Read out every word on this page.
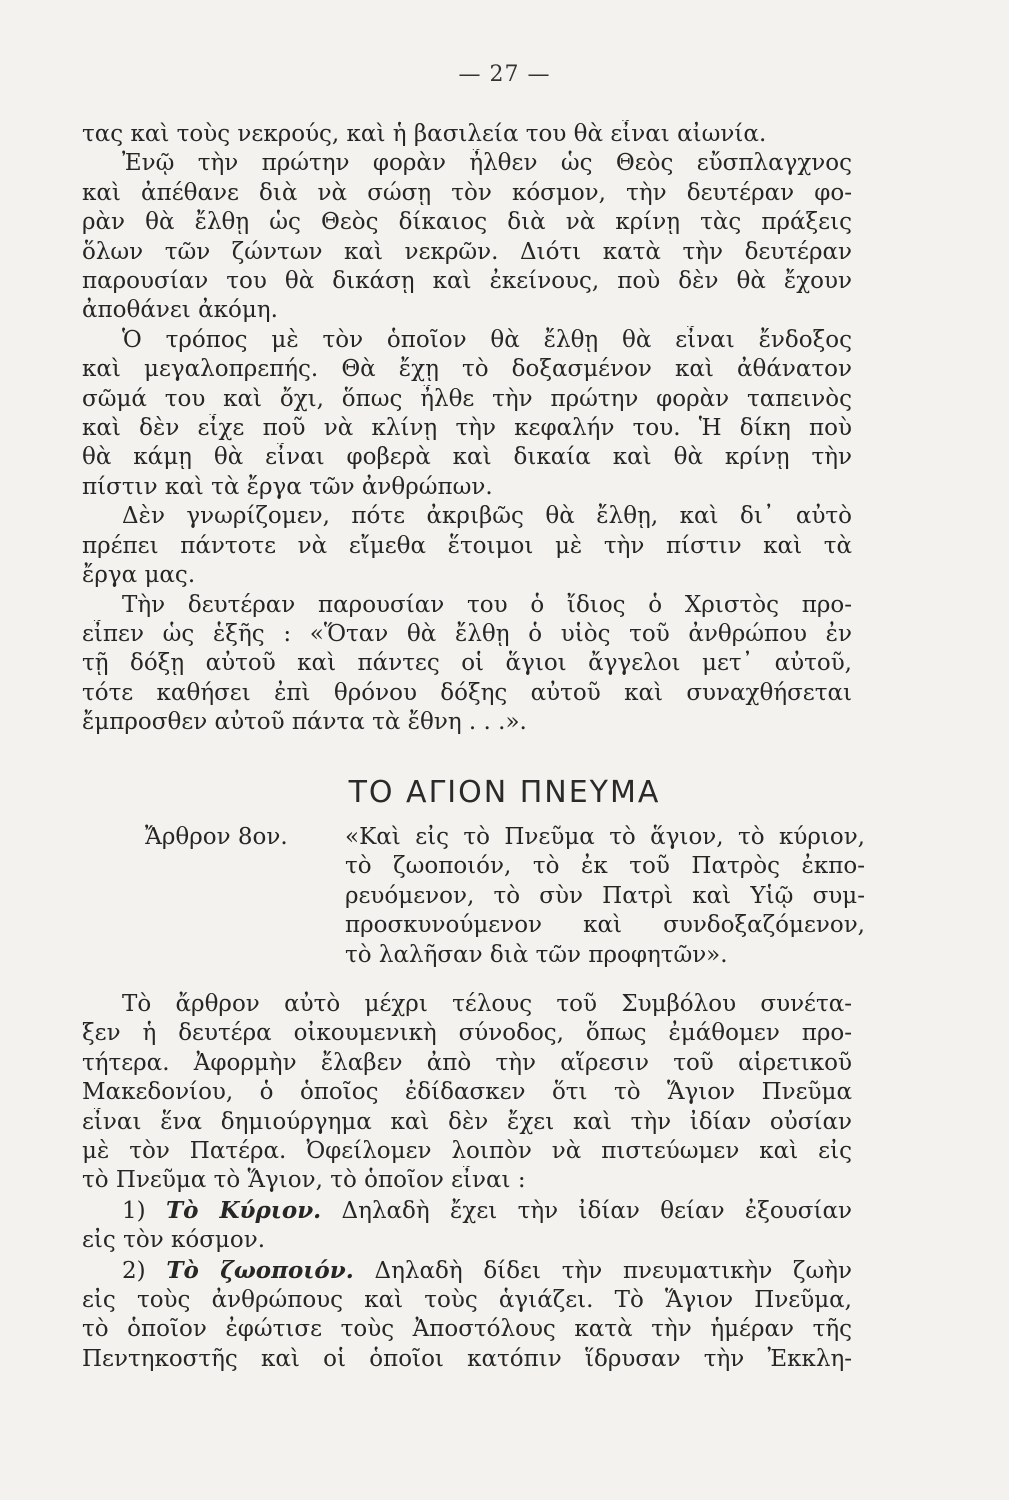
— 27 —
τας καὶ τοὺς νεκρούς, καὶ ἡ βασιλεία του θὰ εἶναι αἰωνία.
Ἐνῷ τὴν πρώτην φορὰν ἦλθεν ὡς Θεὸς εὔσπλαγχνος
καὶ ἀπέθανε διὰ νὰ σώσῃ τὸν κόσμον, τὴν δευτέραν φο-
ρὰν θὰ ἔλθῃ ὡς Θεὸς δίκαιος διὰ νὰ κρίνῃ τὰς πράξεις
ὅλων τῶν ζώντων καὶ νεκρῶν. Διότι κατὰ τὴν δευτέραν
παρουσίαν του θὰ δικάσῃ καὶ ἐκείνους, ποὺ δὲν θὰ ἔχουν
ἀποθάνει ἀκόμη.
Ὁ τρόπος μὲ τὸν ὁποῖον θὰ ἔλθῃ θὰ εἶναι ἔνδοξος
καὶ μεγαλοπρεπής. Θὰ ἔχῃ τὸ δοξασμένον καὶ ἀθάνατον
σῶμά του καὶ ὄχι, ὅπως ἦλθε τὴν πρώτην φορὰν ταπεινὸς
καὶ δὲν εἶχε ποῦ νὰ κλίνῃ τὴν κεφαλήν του. Ἡ δίκη ποὺ
θὰ κάμῃ θὰ εἶναι φοβερὰ καὶ δικαία καὶ θὰ κρίνῃ τὴν
πίστιν καὶ τὰ ἔργα τῶν ἀνθρώπων.
Δὲν γνωρίζομεν, πότε ἀκριβῶς θὰ ἔλθῃ, καὶ δι᾽ αὐτὸ
πρέπει πάντοτε νὰ εἴμεθα ἕτοιμοι μὲ τὴν πίστιν καὶ τὰ
ἔργα μας.
Τὴν δευτέραν παρουσίαν του ὁ ἴδιος ὁ Χριστὸς προ-
εἶπεν ὡς ἑξῆς : «Ὅταν θὰ ἔλθῃ ὁ υἱὸς τοῦ ἀνθρώπου ἐν
τῇ δόξῃ αὐτοῦ καὶ πάντες οἱ ἅγιοι ἄγγελοι μετ᾽ αὐτοῦ,
τότε καθήσει ἐπὶ θρόνου δόξης αὐτοῦ καὶ συναχθήσεται
ἔμπροσθεν αὐτοῦ πάντα τὰ ἔθνη . . .».
ΤΟ ΑΓΙΟΝ ΠΝΕΥΜΑ
Ἄρθρον 8ον. «Καὶ εἰς τὸ Πνεῦμα τὸ ἅγιον, τὸ κύριον,
τὸ ζωοποιόν, τὸ ἐκ τοῦ Πατρὸς ἐκπο-
ρευόμενον, τὸ σὺν Πατρὶ καὶ Υἱῷ συμ-
προσκυνούμενον καὶ συνδοξαζόμενον,
τὸ λαλῆσαν διὰ τῶν προφητῶν».
Τὸ ἄρθρον αὐτὸ μέχρι τέλους τοῦ Συμβόλου συνέτα-
ξεν ἡ δευτέρα οἰκουμενικὴ σύνοδος, ὅπως ἐμάθομεν προ-
τήτερα. Ἀφορμὴν ἔλαβεν ἀπὸ τὴν αἵρεσιν τοῦ αἱρετικοῦ
Μακεδονίου, ὁ ὁποῖος ἐδίδασκεν ὅτι τὸ Ἅγιον Πνεῦμα
εἶναι ἕνα δημιούργημα καὶ δὲν ἔχει καὶ τὴν ἰδίαν οὐσίαν
μὲ τὸν Πατέρα. Ὀφείλομεν λοιπὸν νὰ πιστεύωμεν καὶ εἰς
τὸ Πνεῦμα τὸ Ἅγιον, τὸ ὁποῖον εἶναι :
1) Τὸ Κύριον. Δηλαδὴ ἔχει τὴν ἰδίαν θείαν ἐξουσίαν
εἰς τὸν κόσμον.
2) Τὸ ζωοποιόν. Δηλαδὴ δίδει τὴν πνευματικὴν ζωὴν
εἰς τοὺς ἀνθρώπους καὶ τοὺς ἁγιάζει. Τὸ Ἅγιον Πνεῦμα,
τὸ ὁποῖον ἐφώτισε τοὺς Ἀποστόλους κατὰ τὴν ἡμέραν τῆς
Πεντηκοστῆς καὶ οἱ ὁποῖοι κατόπιν ἵδρυσαν τὴν Ἐκκλη-
